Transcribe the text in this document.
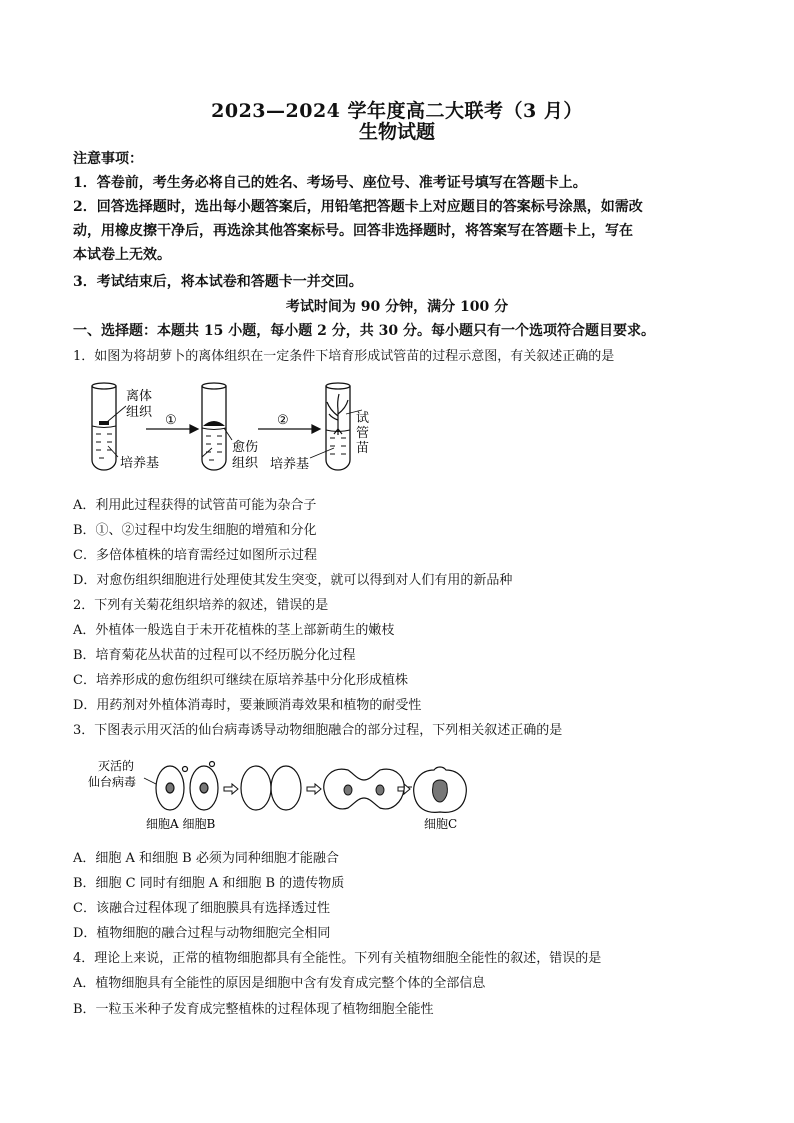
2023—2024 学年度高二大联考（3 月）
生物试题
注意事项：
1．答卷前，考生务必将自己的姓名、考场号、座位号、准考证号填写在答题卡上。
2．回答选择题时，选出每小题答案后，用铅笔把答题卡上对应题目的答案标号涂黑，如需改
动，用橡皮擦干净后，再选涂其他答案标号。回答非选择题时，将答案写在答题卡上，写在
本试卷上无效。
3．考试结束后，将本试卷和答题卡一并交回。
考试时间为 90 分钟，满分 100 分
一、选择题：本题共 15 小题，每小题 2 分，共 30 分。每小题只有一个选项符合题目要求。
1．如图为将胡萝卜的离体组织在一定条件下培育形成试管苗的过程示意图，有关叙述正确的是
离体
组织
①	②
愈伤
组织
培养基	培养基
试
管
苗
A．利用此过程获得的试管苗可能为杂合子
B．①、②过程中均发生细胞的增殖和分化
C．多倍体植株的培育需经过如图所示过程
D．对愈伤组织细胞进行处理使其发生突变，就可以得到对人们有用的新品种
2．下列有关菊花组织培养的叙述，错误的是
A．外植体一般选自于未开花植株的茎上部新萌生的嫩枝
B．培育菊花丛状苗的过程可以不经历脱分化过程
C．培养形成的愈伤组织可继续在原培养基中分化形成植株
D．用药剂对外植体消毒时，要兼顾消毒效果和植物的耐受性
3．下图表示用灭活的仙台病毒诱导动物细胞融合的部分过程，下列相关叙述正确的是
灭活的
仙台病毒
细胞A 细胞B	细胞C
A．细胞 A 和细胞 B 必须为同种细胞才能融合
B．细胞 C 同时有细胞 A 和细胞 B 的遗传物质
C．该融合过程体现了细胞膜具有选择透过性
D．植物细胞的融合过程与动物细胞完全相同
4．理论上来说，正常的植物细胞都具有全能性。下列有关植物细胞全能性的叙述，错误的是
A．植物细胞具有全能性的原因是细胞中含有发育成完整个体的全部信息
B．一粒玉米种子发育成完整植株的过程体现了植物细胞全能性
